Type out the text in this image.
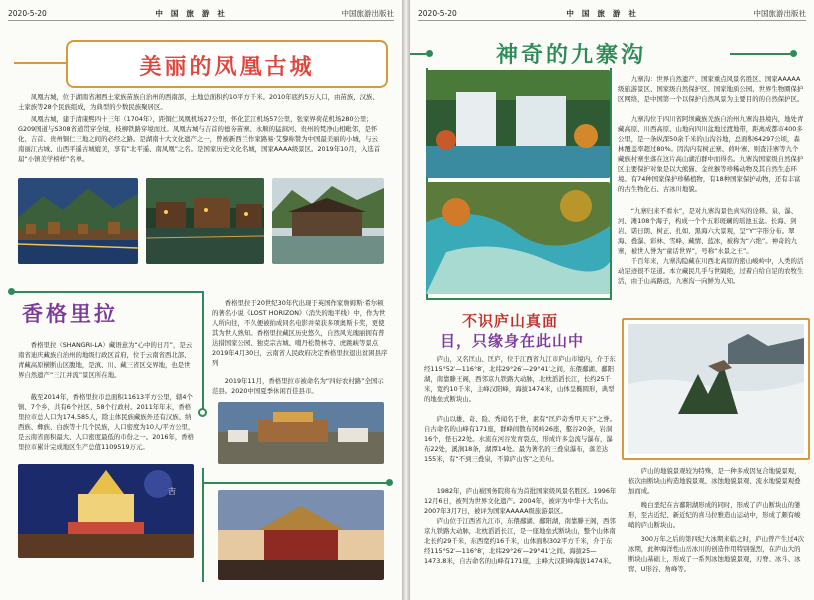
2020-5-20	中国旅游社	中国旅游出版社
美丽的凤凰古城

凤凰古城，位于湖南省湘西土家族苗族自治州的西南部，土地总面积约10平方千米。2010年底约5万人口，由苗族、汉族、土家族等28个民族组成，为典型的少数民族聚居区。

凤凰古城，建于清康熙四十三年（1704年），距铜仁凤凰机场27公里，怀化芷江机场57公里，张家界荷花机场280公里；G209国道与S308省道贯穿全境，枝柳铁路穿境而过。凤凰古城与吉首的德夯苗寨、永顺的猛洞河、贵州的梵净山相毗邻，是怀化、吉首、贵州铜仁三地之间的必经之路。是湖南十大文化遗产之一，曾被新西兰作家路易·艾黎称赞为中国最美丽的小城，与云南丽江古城、山西平遥古城媲美，享有“北平遥、南凤凰”之名。是国家历史文化名城，国家AAAA级景区。2019年10月，入选首届“小镇美学榜样”名单。

香格里拉

香格里拉（SHANGRI-LA）藏语意为“心中的日月”，是云南省迪庆藏族自治州的地级行政区首府，位于云南省西北部、青藏高原横断山区腹地，是滇、川、藏三省区交界地，也是世界自然遗产“三江并流”景区所在地。

截至2014年，香格里拉市总面积11613平方公里，辖4个镇、7个乡，共有6个社区、58个行政村。2011年年末，香格里拉市总人口为174,585人，除主体民族藏族外还有汉族、纳西族、彝族、白族等十几个民族，人口密度为10人/平方公里，是云南省面积最大、人口密度最低的市份之一。2016年，香格里拉市累计完成地区生产总值1109519万元。

香格里拉于20世纪30年代出现于英国作家詹姆斯·希尔顿的著名小说《LOST HORIZON》（消失的地平线）中，作为世人所向往，不久便被拍成同名电影并荣获多项奥斯卡奖，更使其为世人熟知。香格里拉藏区历史悠久，自然风光瑰丽拥有普达措国家公园、独克宗古城、噶丹松赞林寺、虎跳峡等景点2019年4月30日，云南省人民政府决定香格里拉退出贫困县序列

2019年11月，香格里拉市被命名为“四好农村路”全国示范县。2020中国夏季休闲百佳县市。

吉
2020-5-20	中国旅游社	中国旅游出版社
神奇的九寨沟

九寨沟：世界自然遗产、国家重点风景名胜区、国家AAAAA级旅游景区、国家级自然保护区、国家地质公园、世界生物圈保护区网络，是中国第一个以保护自然风景为主要目的的自然保护区。

九寨沟位于四川省阿坝藏族羌族自治州九寨沟县境内，地处青藏高原、川西高原、山地向四川盆地过渡地带，距离成都市400多公里，是一条纵深50余千米的山沟谷地，总面积64297公顷，森林覆盖率超过80%。因沟内有树正寨、荷叶寨、则查洼寨等九个藏族村寨坐落在这片高山湖泊群中而得名。九寨沟国家级自然保护区主要保护对象是以大熊猫、金丝猴等珍稀动物及其自然生态环境。有74种国家保护珍稀植物，有18种国家保护动物，还有丰富的古生物化石、古冰川地貌。

“九寨归来不看水”，是对九寨沟景色真实的诠释。泉、瀑、河、滩108个海子，构成一个个五彩斑斓的瑶池玉盆。长海、剑岩、诺日朗、树正、扎如、黑海六大景观，呈“Y”字形分布。翠海、叠瀑、彩林、雪峰、藏情、蓝冰，被称为“六绝”。神奇的九寨，被世人誉为“童话世界”，号称“水景之王”。

千百年来，九寨沟隐藏在川西北高原的密山峻岭中，人类的活动足迹很不足道。本立藏民几乎与世隔绝，过着自给自足的农牧生活，由于山高路远，九寨沟一向鲜为人知。

不识庐山真面
目，只缘身在此山中

庐山，又名匡山、匡庐，位于江西省九江市庐山市境内，介于东经115°52′—116°8′，北纬29°26′—29°41′之间，东偎鄱湖、鄱阳湖，南靠滕王阁，西邻京九铁路大动脉，北枕滔滔长江，长约25千米，宽约10千米，主峰汉阳峰，海拔1474米，山体呈椭圆形，典型的地垒式断块山。

庐山以雄、奇、险、秀闻名于世，素有“匡庐奇秀甲天下”之誉。自古命名的山峰有171座，群峰间散布冈岭26座，壑谷20条，岩洞16个，怪石22处。水流在河谷发育裂点，形成许多急流与瀑布，瀑布22处，溪涧18条，湖潭14处。最为著名的三叠泉瀑布，落差达155米，有“不到三叠泉，不算庐山客”之美句。

1982年，庐山被国务院将布为首批国家级风景名胜区。1996年12月6日，被列为世界文化遗产。2004年，被评为中华十大名山。2007年3月7日，被评为国家AAAAA级旅游景区。

庐山位于江西省九江市，东偎鄱湖、鄱阳湖，南靠滕王阁，西邻京九铁路大动脉，北枕滔滔长江，是一座地垒式断块山，整个山体南北长约29千米，东西宽约16千米，山体面积302平方千米，介于东经115°52′—116°8′，北纬29°26′—29°41′之间。海拔25—1473.8米，自古命名的山峰有171座，主峰大汉阳峰海拔1474米。

庐山的地貌景观较为特殊，是一种多成因复合地貌景观，依次由断块山构造地貌景观、冰蚀地貌景观、流水地貌景观叠加而成。

晚白垩纪在古鄱阳湖形成的同时，形成了庐山断块山的雏形，至古近纪、新近纪的喜马拉雅造山运动中，形成了颇有峻峭的庐山断块山。

300万年之后的第四纪大冰期来临之时，庐山曾产生过4次冰期，此种海洋性山岳冰川的创造作用特别强烈，在庐山大的断块山基础上，形成了一系列冰蚀地貌景观，刃脊、冰斗、冰窖、U形谷、角峰等。
